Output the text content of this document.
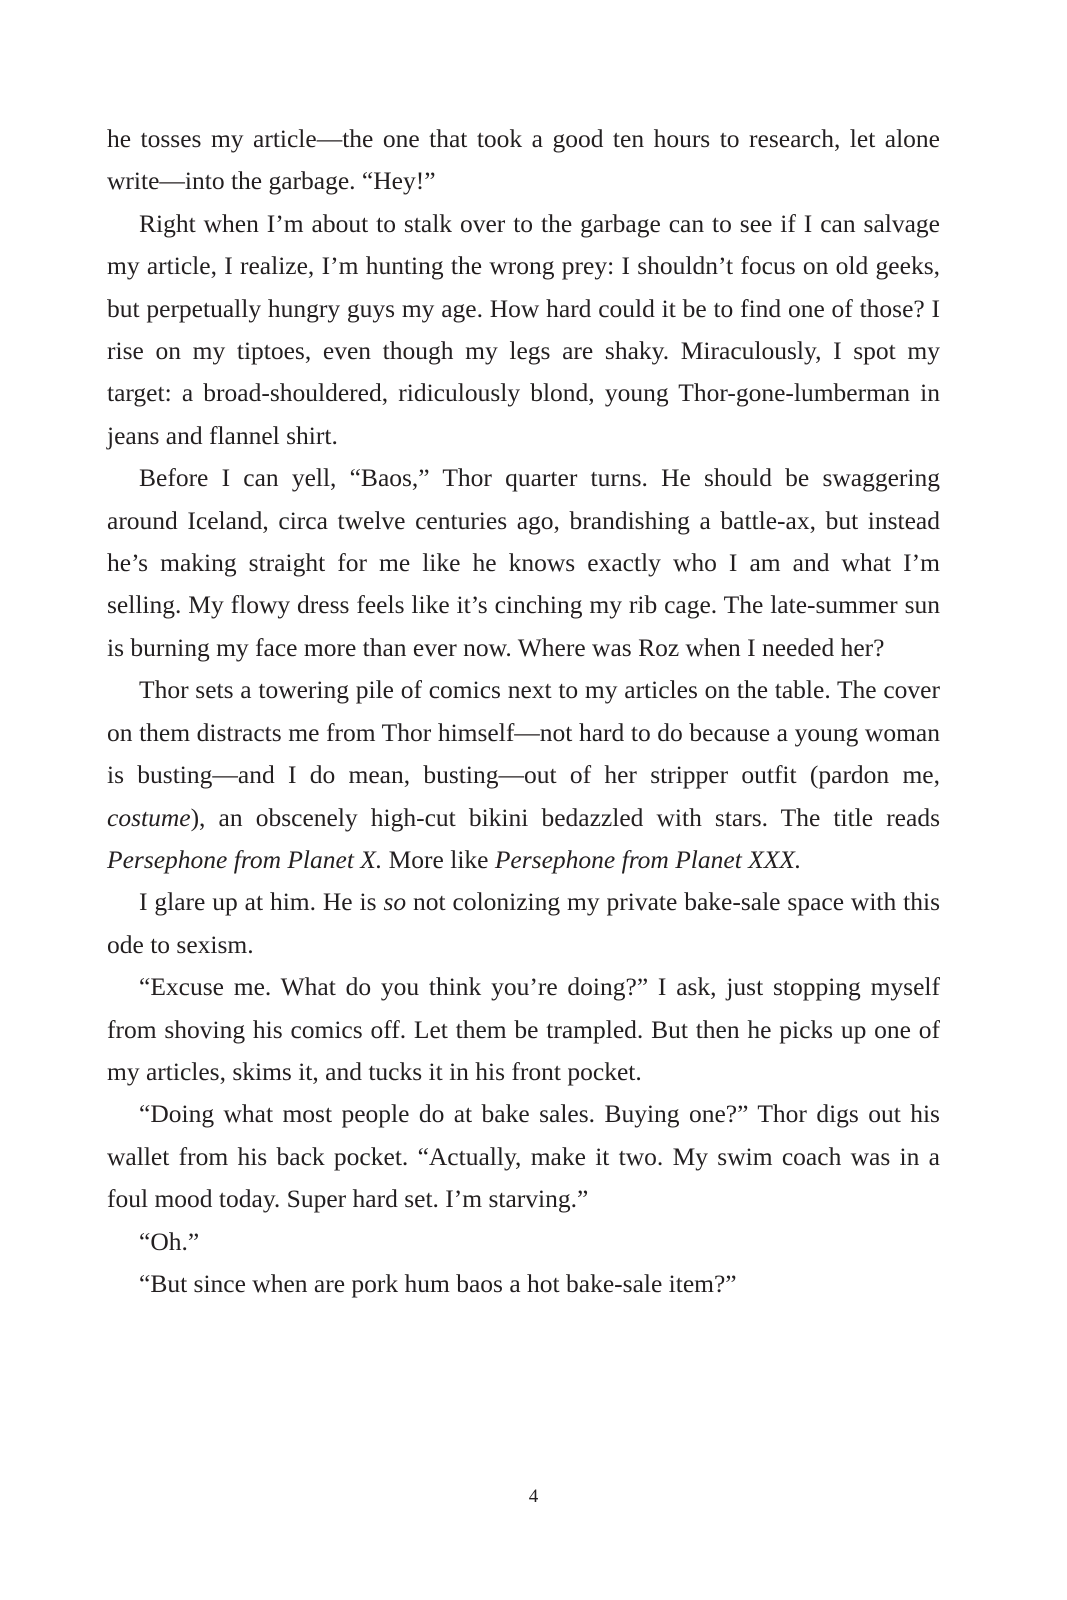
he tosses my article—the one that took a good ten hours to research, let alone write—into the garbage. “Hey!”

Right when I’m about to stalk over to the garbage can to see if I can salvage my article, I realize, I’m hunting the wrong prey: I shouldn’t focus on old geeks, but perpetually hungry guys my age. How hard could it be to find one of those? I rise on my tiptoes, even though my legs are shaky. Miraculously, I spot my target: a broad-shouldered, ridiculously blond, young Thor-gone-lumberman in jeans and flannel shirt.

Before I can yell, “Baos,” Thor quarter turns. He should be swaggering around Iceland, circa twelve centuries ago, brandishing a battle-ax, but instead he’s making straight for me like he knows exactly who I am and what I’m selling. My flowy dress feels like it’s cinching my rib cage. The late-summer sun is burning my face more than ever now. Where was Roz when I needed her?

Thor sets a towering pile of comics next to my articles on the table. The cover on them distracts me from Thor himself—not hard to do because a young woman is busting—and I do mean, busting—out of her stripper outfit (pardon me, costume), an obscenely high-cut bikini bedazzled with stars. The title reads Persephone from Planet X. More like Persephone from Planet XXX.

I glare up at him. He is so not colonizing my private bake-sale space with this ode to sexism.

“Excuse me. What do you think you’re doing?” I ask, just stopping myself from shoving his comics off. Let them be trampled. But then he picks up one of my articles, skims it, and tucks it in his front pocket.

“Doing what most people do at bake sales. Buying one?” Thor digs out his wallet from his back pocket. “Actually, make it two. My swim coach was in a foul mood today. Super hard set. I’m starving.”

“Oh.”

“But since when are pork hum baos a hot bake-sale item?”

4
